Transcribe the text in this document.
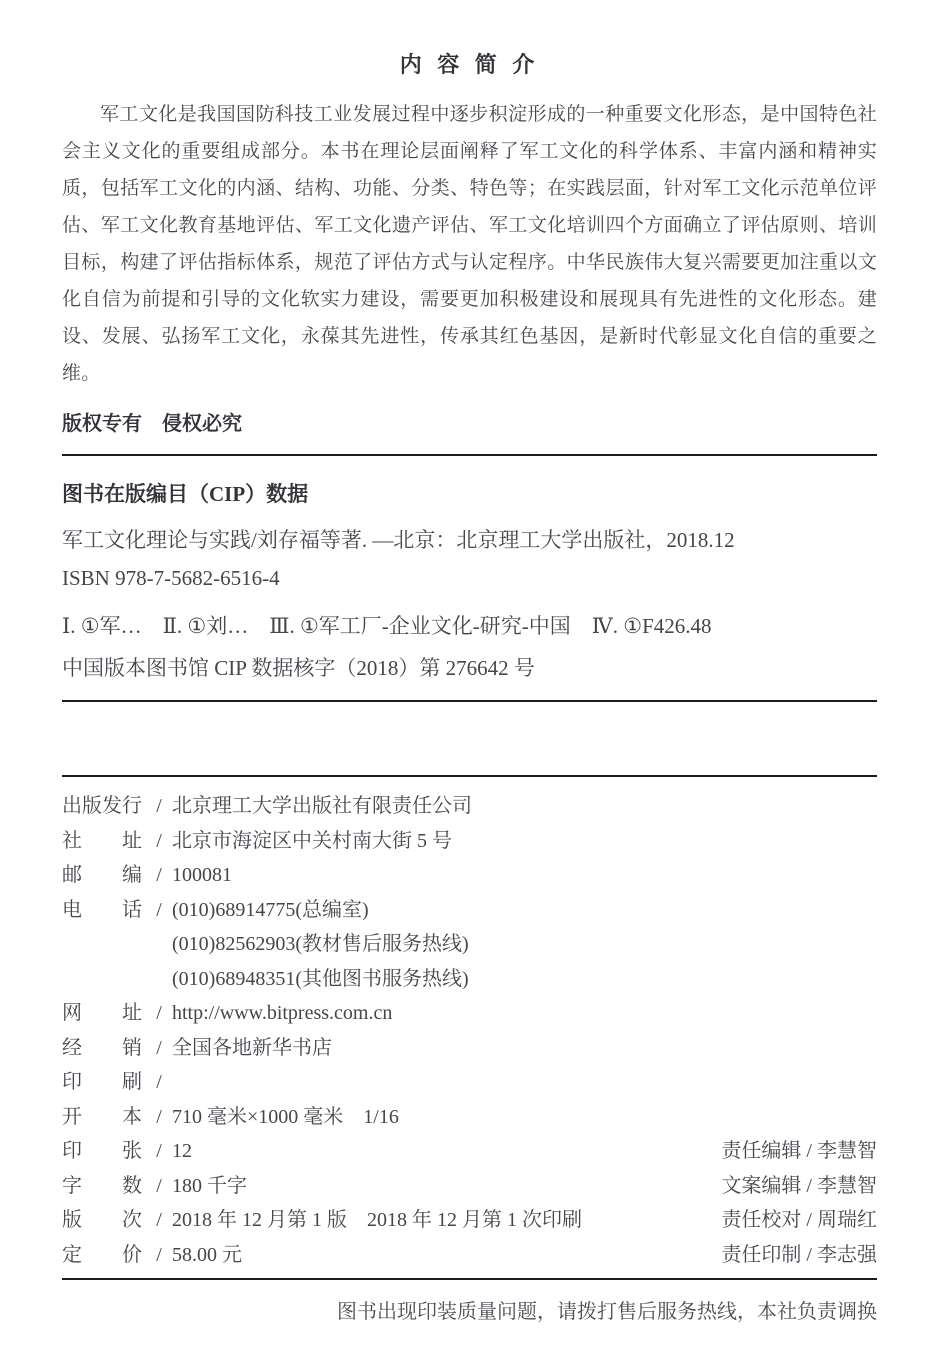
内 容 简 介
军工文化是我国国防科技工业发展过程中逐步积淀形成的一种重要文化形态，是中国特色社会主义文化的重要组成部分。本书在理论层面阐释了军工文化的科学体系、丰富内涵和精神实质，包括军工文化的内涵、结构、功能、分类、特色等；在实践层面，针对军工文化示范单位评估、军工文化教育基地评估、军工文化遗产评估、军工文化培训四个方面确立了评估原则、培训目标，构建了评估指标体系，规范了评估方式与认定程序。中华民族伟大复兴需要更加注重以文化自信为前提和引导的文化软实力建设，需要更加积极建设和展现具有先进性的文化形态。建设、发展、弘扬军工文化，永葆其先进性，传承其红色基因，是新时代彰显文化自信的重要之维。
版权专有　侵权必究
图书在版编目（CIP）数据
军工文化理论与实践/刘存福等著. —北京：北京理工大学出版社，2018.12
ISBN 978-7-5682-6516-4
Ⅰ. ①军…　Ⅱ. ①刘…　Ⅲ. ①军工厂-企业文化-研究-中国　Ⅳ. ①F426.48
中国版本图书馆 CIP 数据核字（2018）第 276642 号
出版发行 / 北京理工大学出版社有限责任公司
社　　址 / 北京市海淀区中关村南大街 5 号
邮　　编 / 100081
电　　话 / (010)68914775(总编室)
(010)82562903(教材售后服务热线)
(010)68948351(其他图书服务热线)
网　　址 / http://www.bitpress.com.cn
经　　销 / 全国各地新华书店
印　　刷 /
开　　本 / 710 毫米×1000 毫米　1/16
印　　张 / 12	责任编辑 / 李慧智
字　　数 / 180 千字	文案编辑 / 李慧智
版　　次 / 2018 年 12 月第 1 版　2018 年 12 月第 1 次印刷	责任校对 / 周瑞红
定　　价 / 58.00 元	责任印制 / 李志强
图书出现印装质量问题，请拨打售后服务热线，本社负责调换
